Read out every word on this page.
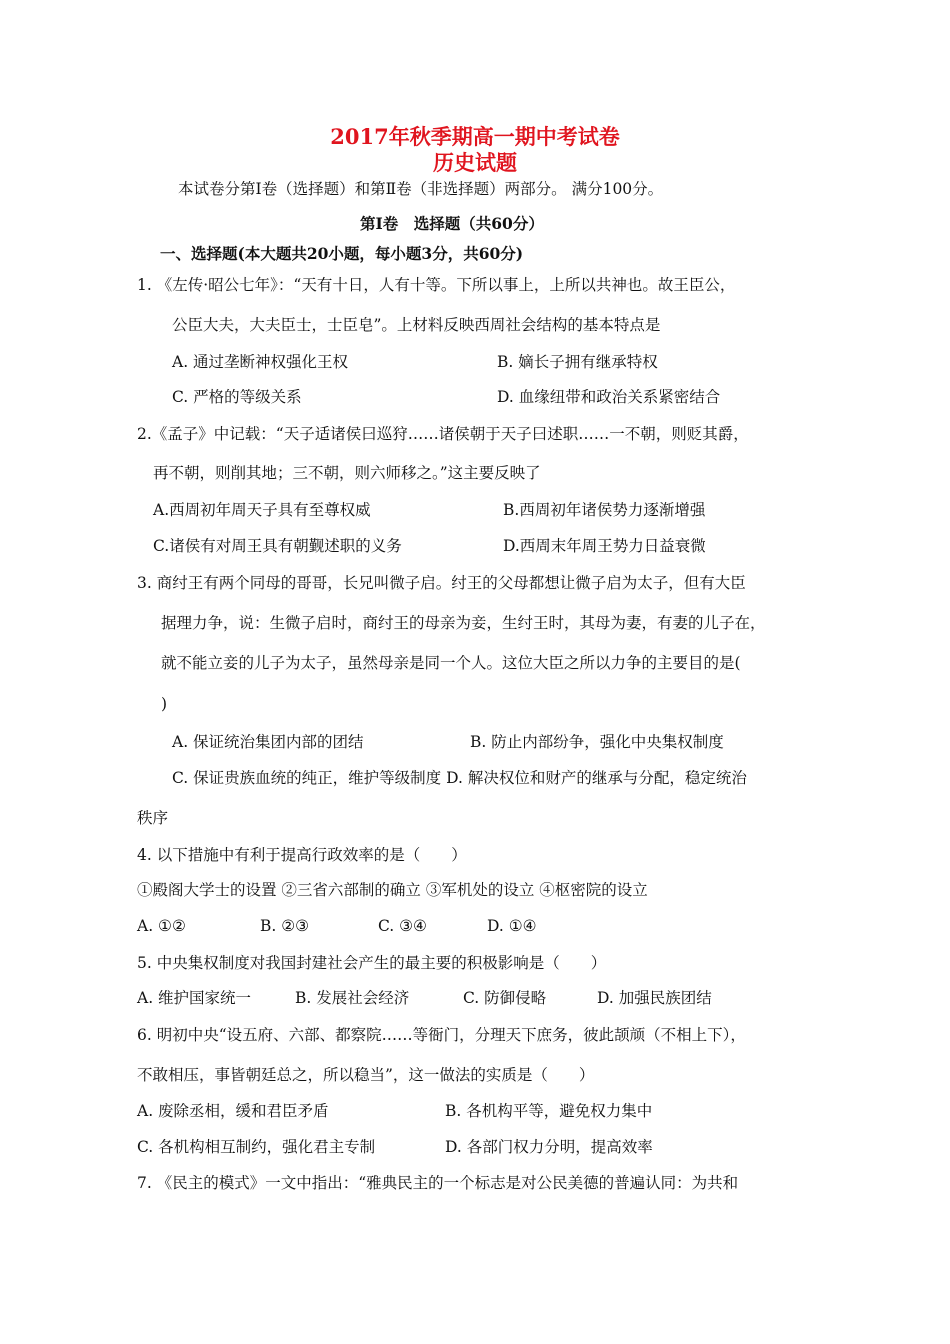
2017年秋季期高一期中考试卷
历史试题
本试卷分第Ⅰ卷（选择题）和第Ⅱ卷（非选择题）两部分。 满分100分。
第Ⅰ卷　选择题（共60分）
一、选择题(本大题共20小题，每小题3分，共60分)
1. 《左传·昭公七年》：“天有十日，人有十等。下所以事上，上所以共神也。故王臣公，
公臣大夫，大夫臣士，士臣皂”。上材料反映西周社会结构的基本特点是
A. 通过垄断神权强化王权	B. 嫡长子拥有继承特权
C. 严格的等级关系	D. 血缘纽带和政治关系紧密结合
2.《孟子》中记载：“天子适诸侯曰巡狩……诸侯朝于天子曰述职……一不朝，则贬其爵，
再不朝，则削其地；三不朝，则六师移之。”这主要反映了
A.西周初年周天子具有至尊权威	B.西周初年诸侯势力逐渐增强
C.诸侯有对周王具有朝觐述职的义务	D.西周末年周王势力日益衰微
3. 商纣王有两个同母的哥哥，长兄叫微子启。纣王的父母都想让微子启为太子，但有大臣
据理力争，说：生微子启时，商纣王的母亲为妾，生纣王时，其母为妻，有妻的儿子在，
就不能立妾的儿子为太子，虽然母亲是同一个人。这位大臣之所以力争的主要目的是(
)
A. 保证统治集团内部的团结	B. 防止内部纷争，强化中央集权制度
C. 保证贵族血统的纯正，维护等级制度 D. 解决权位和财产的继承与分配，稳定统治
秩序
4. 以下措施中有利于提高行政效率的是（　　）
①殿阁大学士的设置 ②三省六部制的确立 ③军机处的设立 ④枢密院的设立
A. ①②	B. ②③	C. ③④	D. ①④
5. 中央集权制度对我国封建社会产生的最主要的积极影响是（　　）
A. 维护国家统一	B. 发展社会经济	C. 防御侵略	D. 加强民族团结
6. 明初中央“设五府、六部、都察院……等衙门，分理天下庶务，彼此颉颃（不相上下），
不敢相压，事皆朝廷总之，所以稳当”，这一做法的实质是（　　）
A. 废除丞相，缓和君臣矛盾	B. 各机构平等，避免权力集中
C. 各机构相互制约，强化君主专制	D. 各部门权力分明，提高效率
7. 《民主的模式》一文中指出：“雅典民主的一个标志是对公民美德的普遍认同：为共和
